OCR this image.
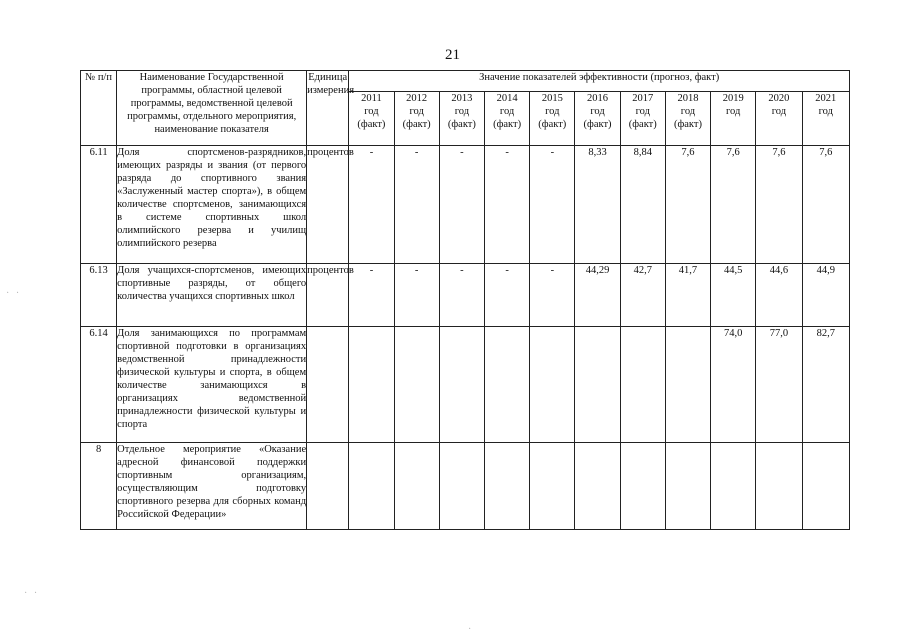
21
№ п/п	Наименование Государственной программы, областной целевой программы, ведомственной целевой программы, отдельного мероприятия, наименование показателя	Единица измерения	Значение показателей эффективности (прогноз, факт)										

			2011
год
(факт)	2012
год
(факт)	2013
год
(факт)	2014
год
(факт)	2015
год
(факт)	2016
год
(факт)	2017
год
(факт)	2018
год
(факт)	2019
год	2020
год	2021
год

6.11	Доля спортсменов-разрядников, имеющих разряды и звания (от первого разряда до спортивного звания «Заслуженный мастер спорта»), в общем количестве спортсменов, занимающихся в системе спортивных школ олимпийского резерва и училищ олимпийского резерва	процентов	-	-	-	-	-	8,33	8,84	7,6	7,6	7,6	7,6
6.13	Доля учащихся-спортсменов, имеющих спортивные разряды, от общего количества учащихся спортивных школ	процентов	-	-	-	-	-	44,29	42,7	41,7	44,5	44,6	44,9
6.14	Доля занимающихся по программам спортивной подготовки в организациях ведомственной принадлежности физической культуры и спорта, в общем количестве занимающихся в организациях ведомственной принадлежности физической культуры и спорта										74,0	77,0	82,7
8	Отдельное мероприятие «Оказание адресной финансовой поддержки спортивным организациям, осуществляющим подготовку спортивного резерва для сборных команд Российской Федерации»												
· ·
· ·
·
